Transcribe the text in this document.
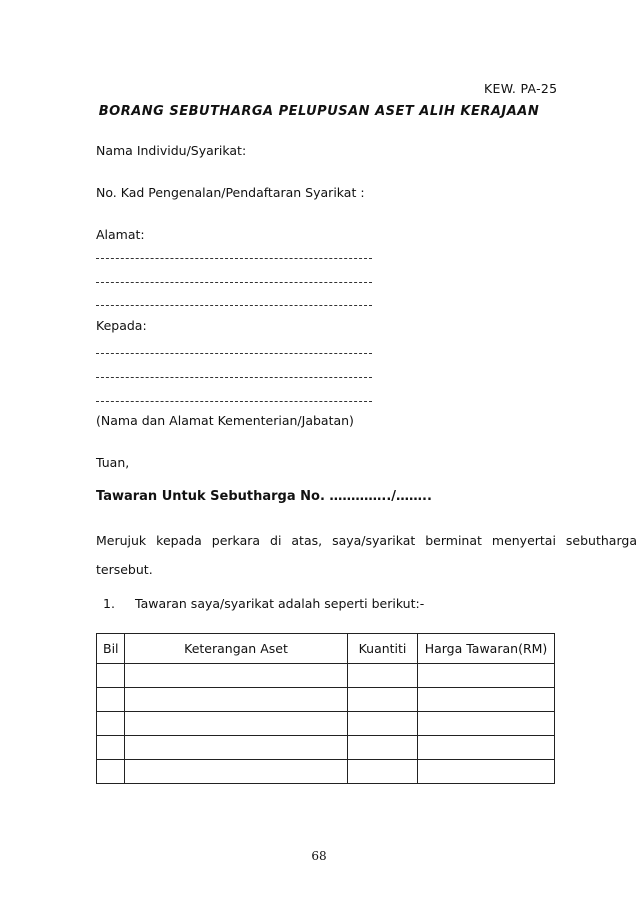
KEW. PA-25
BORANG SEBUTHARGA PELUPUSAN ASET ALIH KERAJAAN
Nama Individu/Syarikat:
No. Kad Pengenalan/Pendaftaran Syarikat :
Alamat:
Kepada:
(Nama dan Alamat Kementerian/Jabatan)
Tuan,
Tawaran Untuk Sebutharga No. …………../……..
Merujuk kepada perkara di atas, saya/syarikat berminat menyertai sebutharga
tersebut.
1. Tawaran saya/syarikat adalah seperti berikut:-
Bil	Keterangan Aset	Kuantiti	Harga Tawaran(RM)

68
